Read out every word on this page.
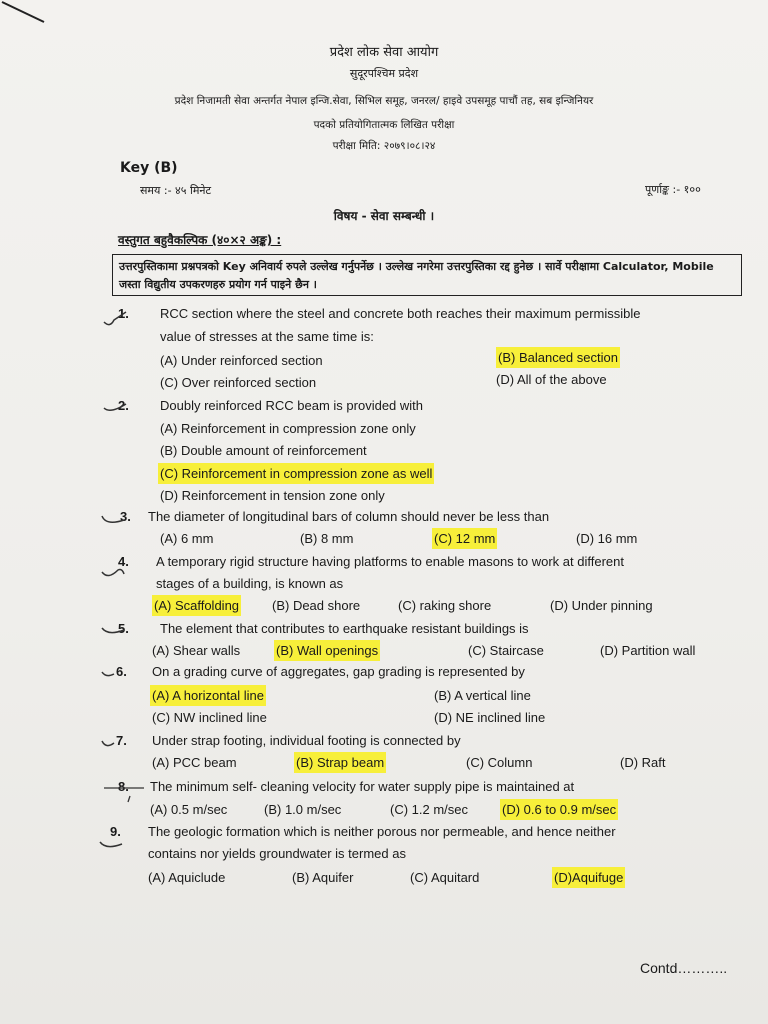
प्रदेश लोक सेवा आयोग
सुदूरपश्चिम प्रदेश
प्रदेश निजामती सेवा अन्तर्गत नेपाल इन्जि.सेवा, सिभिल समूह, जनरल/ हाइवे उपसमूह पाचौं तह, सब इन्जिनियर
पदको प्रतियोगितात्मक लिखित परीक्षा
परीक्षा मिति: २०७९।०८।२४
Key (B)
समय :- ४५ मिनेट	पूर्णाङ्क :- १००
विषय - सेवा सम्बन्धी ।
वस्तुगत बहुवैकल्पिक (४०×२ अङ्क) :
उत्तरपुस्तिकामा प्रश्नपत्रको Key अनिवार्य रुपले उल्लेख गर्नुपर्नेछ । उल्लेख नगरेमा उत्तरपुस्तिका रद्द हुनेछ । सार्वे परीक्षामा Calculator, Mobile जस्ता विद्युतीय उपकरणहरु प्रयोग गर्न पाइने छैन ।
1. RCC section where the steel and concrete both reaches their maximum permissible
value of stresses at the same time is:
(A) Under reinforced section	(B) Balanced section
(C) Over reinforced section	(D) All of the above
2. Doubly reinforced RCC beam is provided with
(A) Reinforcement in compression zone only
(B) Double amount of reinforcement
(C) Reinforcement in compression zone as well
(D) Reinforcement in tension zone only
3. The diameter of longitudinal bars of column should never be less than
(A) 6 mm	(B) 8 mm	(C) 12 mm	(D) 16 mm
4. A temporary rigid structure having platforms to enable masons to work at different
stages of a building, is known as
(A) Scaffolding	(B) Dead shore	(C) raking shore	(D) Under pinning
5. The element that contributes to earthquake resistant buildings is
(A) Shear walls	(B) Wall openings	(C) Staircase	(D) Partition wall
6. On a grading curve of aggregates, gap grading is represented by
(A) A horizontal line	(B) A vertical line
(C) NW inclined line	(D) NE inclined line
7. Under strap footing, individual footing is connected by
(A) PCC beam	(B) Strap beam	(C) Column	(D) Raft
8. The minimum self- cleaning velocity for water supply pipe is maintained at
(A) 0.5 m/sec	(B) 1.0 m/sec	(C) 1.2 m/sec	(D) 0.6 to 0.9 m/sec
9. The geologic formation which is neither porous nor permeable, and hence neither
contains nor yields groundwater is termed as
(A) Aquiclude	(B) Aquifer	(C) Aquitard	(D)Aquifuge
Contd………..
